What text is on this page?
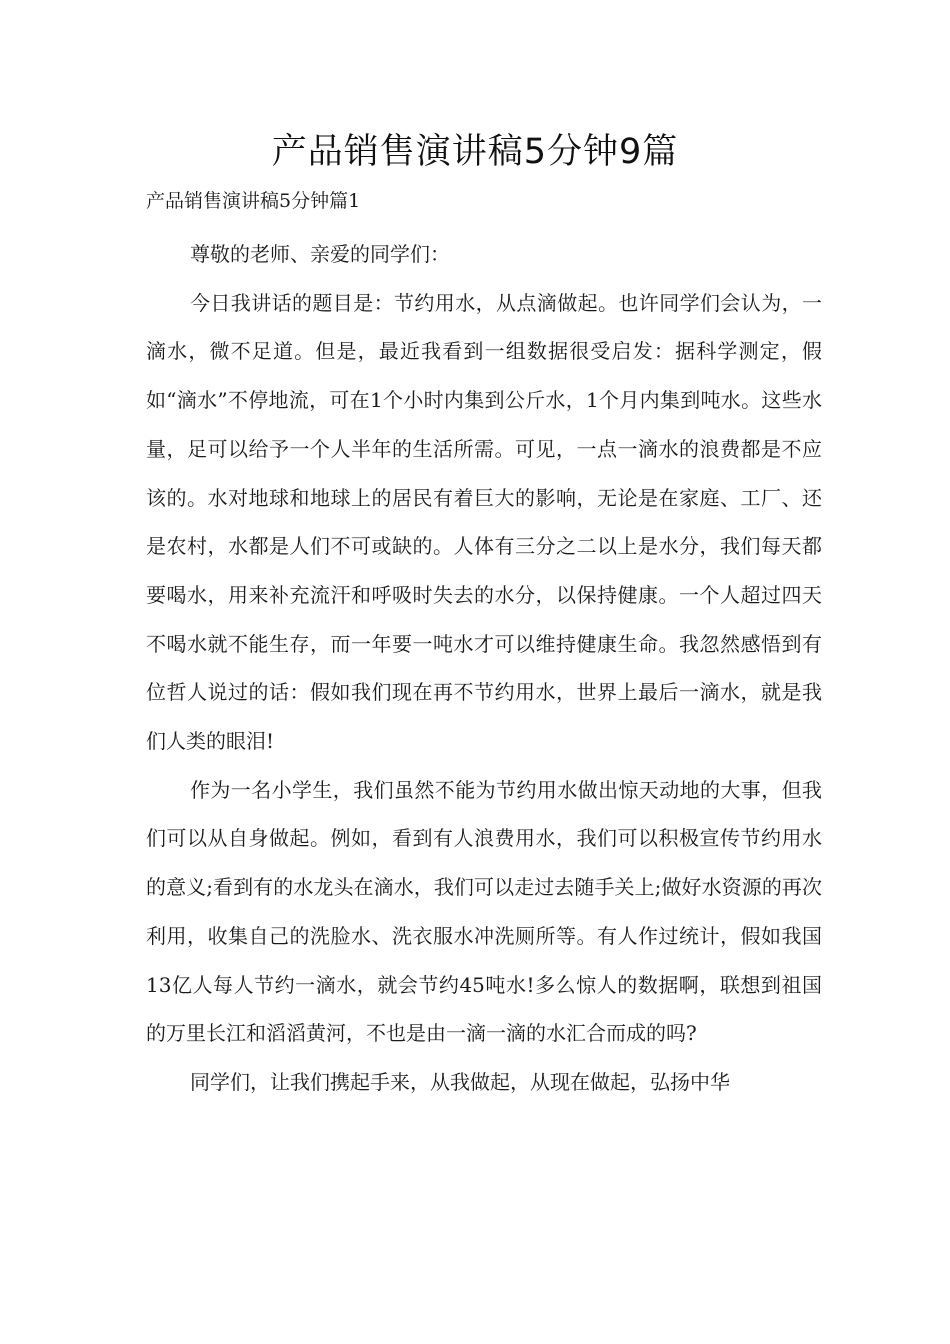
产品销售演讲稿5分钟9篇

产品销售演讲稿5分钟篇1

尊敬的老师、亲爱的同学们：

今日我讲话的题目是：节约用水，从点滴做起。也许同学们会认为，一滴水，微不足道。但是，最近我看到一组数据很受启发：据科学测定，假如“滴水”不停地流，可在1个小时内集到公斤水，1个月内集到吨水。这些水量，足可以给予一个人半年的生活所需。可见，一点一滴水的浪费都是不应该的。水对地球和地球上的居民有着巨大的影响，无论是在家庭、工厂、还是农村，水都是人们不可或缺的。人体有三分之二以上是水分，我们每天都要喝水，用来补充流汗和呼吸时失去的水分，以保持健康。一个人超过四天不喝水就不能生存，而一年要一吨水才可以维持健康生命。我忽然感悟到有位哲人说过的话：假如我们现在再不节约用水，世界上最后一滴水，就是我们人类的眼泪!

作为一名小学生，我们虽然不能为节约用水做出惊天动地的大事，但我们可以从自身做起。例如，看到有人浪费用水，我们可以积极宣传节约用水的意义;看到有的水龙头在滴水，我们可以走过去随手关上;做好水资源的再次利用，收集自己的洗脸水、洗衣服水冲洗厕所等。有人作过统计，假如我国13亿人每人节约一滴水，就会节约45吨水!多么惊人的数据啊，联想到祖国的万里长江和滔滔黄河，不也是由一滴一滴的水汇合而成的吗?

同学们，让我们携起手来，从我做起，从现在做起，弘扬中华
